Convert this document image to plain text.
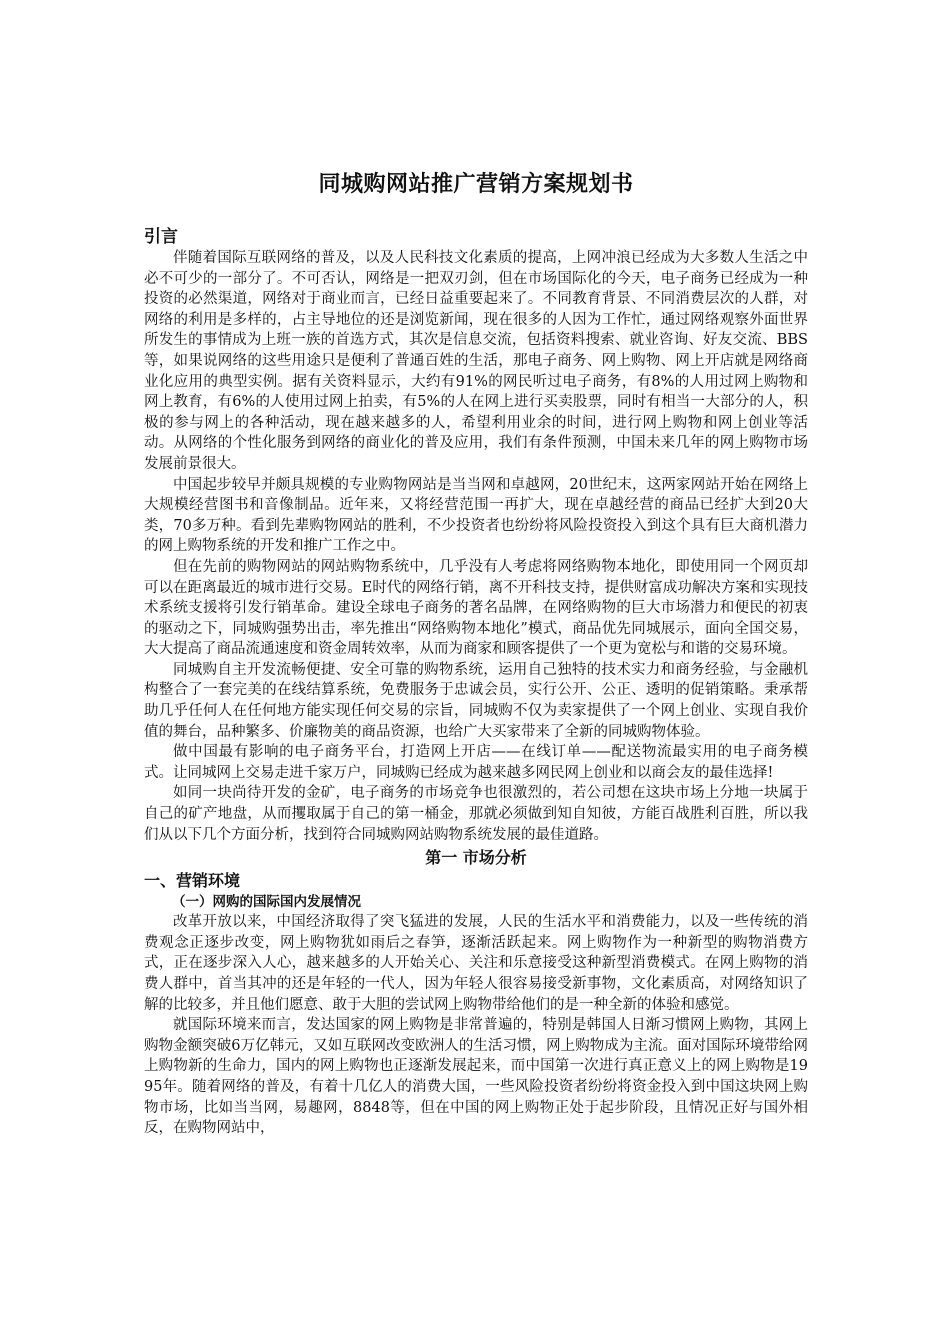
同城购网站推广营销方案规划书
引言

伴随着国际互联网络的普及，以及人民科技文化素质的提高，上网冲浪已经成为大多数人生活之中必不可少的一部分了。不可否认，网络是一把双刃剑，但在市场国际化的今天，电子商务已经成为一种投资的必然渠道，网络对于商业而言，已经日益重要起来了。不同教育背景、不同消费层次的人群，对网络的利用是多样的，占主导地位的还是浏览新闻，现在很多的人因为工作忙，通过网络观察外面世界所发生的事情成为上班一族的首选方式，其次是信息交流，包括资料搜索、就业咨询、好友交流、BBS等，如果说网络的这些用途只是便利了普通百姓的生活，那电子商务、网上购物、网上开店就是网络商业化应用的典型实例。据有关资料显示，大约有91%的网民听过电子商务，有8%的人用过网上购物和网上教育，有6%的人使用过网上拍卖，有5%的人在网上进行买卖股票，同时有相当一大部分的人，积极的参与网上的各种活动，现在越来越多的人，希望利用业余的时间，进行网上购物和网上创业等活动。从网络的个性化服务到网络的商业化的普及应用，我们有条件预测，中国未来几年的网上购物市场发展前景很大。

中国起步较早并颇具规模的专业购物网站是当当网和卓越网，20世纪末，这两家网站开始在网络上大规模经营图书和音像制品。近年来，又将经营范围一再扩大，现在卓越经营的商品已经扩大到20大类，70多万种。看到先辈购物网站的胜利，不少投资者也纷纷将风险投资投入到这个具有巨大商机潜力的网上购物系统的开发和推广工作之中。

但在先前的购物网站的网站购物系统中，几乎没有人考虑将网络购物本地化，即使用同一个网页却可以在距离最近的城市进行交易。E时代的网络行销，离不开科技支持，提供财富成功解决方案和实现技术系统支援将引发行销革命。建设全球电子商务的著名品牌，在网络购物的巨大市场潜力和便民的初衷的驱动之下，同城购强势出击，率先推出“网络购物本地化”模式，商品优先同城展示，面向全国交易，大大提高了商品流通速度和资金周转效率，从而为商家和顾客提供了一个更为宽松与和谐的交易环境。

同城购自主开发流畅便捷、安全可靠的购物系统，运用自己独特的技术实力和商务经验，与金融机构整合了一套完美的在线结算系统，免费服务于忠诚会员，实行公开、公正、透明的促销策略。秉承帮助几乎任何人在任何地方能实现任何交易的宗旨，同城购不仅为卖家提供了一个网上创业、实现自我价值的舞台，品种繁多、价廉物美的商品资源，也给广大买家带来了全新的同城购物体验。

做中国最有影响的电子商务平台，打造网上开店——在线订单——配送物流最实用的电子商务模式。让同城网上交易走进千家万户，同城购已经成为越来越多网民网上创业和以商会友的最佳选择!

如同一块尚待开发的金矿，电子商务的市场竞争也很激烈的，若公司想在这块市场上分地一块属于自己的矿产地盘，从而攫取属于自己的第一桶金，那就必须做到知自知彼，方能百战胜利百胜，所以我们从以下几个方面分析，找到符合同城购网站购物系统发展的最佳道路。

第一 市场分析
一、营销环境
（一）网购的国际国内发展情况

改革开放以来，中国经济取得了突飞猛进的发展，人民的生活水平和消费能力，以及一些传统的消费观念正逐步改变，网上购物犹如雨后之春笋，逐渐活跃起来。网上购物作为一种新型的购物消费方式，正在逐步深入人心，越来越多的人开始关心、关注和乐意接受这种新型消费模式。在网上购物的消费人群中，首当其冲的还是年轻的一代人，因为年轻人很容易接受新事物，文化素质高，对网络知识了解的比较多，并且他们愿意、敢于大胆的尝试网上购物带给他们的是一种全新的体验和感觉。

就国际环境来而言，发达国家的网上购物是非常普遍的，特别是韩国人日渐习惯网上购物，其网上购物金额突破6万亿韩元，又如互联网改变欧洲人的生活习惯，网上购物成为主流。面对国际环境带给网上购物新的生命力，国内的网上购物也正逐渐发展起来，而中国第一次进行真正意义上的网上购物是1995年。随着网络的普及，有着十几亿人的消费大国，一些风险投资者纷纷将资金投入到中国这块网上购物市场，比如当当网，易趣网，8848等，但在中国的网上购物正处于起步阶段，且情况正好与国外相反，在购物网站中，
